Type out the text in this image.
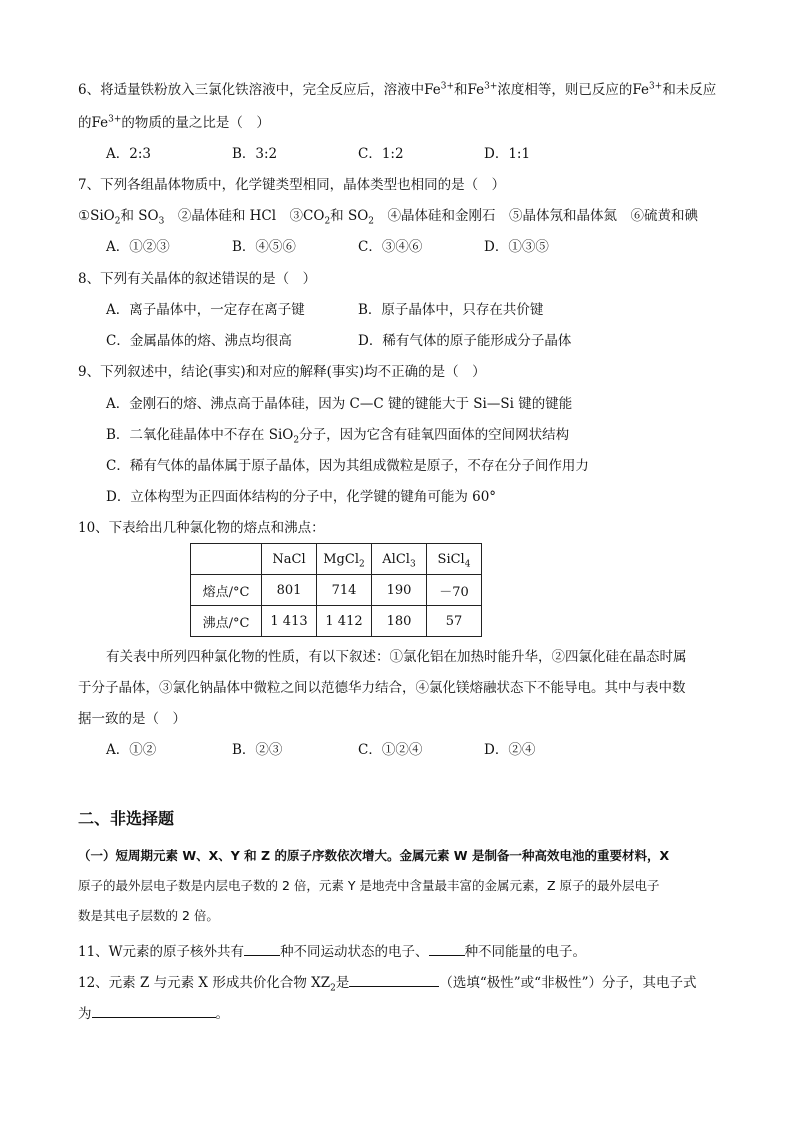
6、将适量铁粉放入三氯化铁溶液中，完全反应后，溶液中$Fe^{3+}$和$Fe^{3+}$浓度相等，则已反应的$Fe^{3+}$和未反应
的$Fe^{3+}$的物质的量之比是（　）
A．2:3	B．3:2	C．1:2	D．1:1
7、下列各组晶体物质中，化学键类型相同，晶体类型也相同的是（　）
①SiO$_2$和 $SO_3$　②晶体硅和 HCl　$③CO_2$和 $SO_2$　④晶体硅和金刚石　⑤晶体氖和晶体氮　⑥硫黄和碘
A．①②③	B．④⑤⑥	C．③④⑥	D．①③⑤
8、下列有关晶体的叙述错误的是（　）
A．离子晶体中，一定存在离子键	B．原子晶体中，只存在共价键
C．金属晶体的熔、沸点均很高	D．稀有气体的原子能形成分子晶体
9、下列叙述中，结论(事实)和对应的解释(事实)均不正确的是（　）
A．金刚石的熔、沸点高于晶体硅，因为 C—C 键的键能大于 Si—Si 键的键能
B．二氧化硅晶体中不存在 SiO$_2$分子，因为它含有硅氧四面体的空间网状结构
C．稀有气体的晶体属于原子晶体，因为其组成微粒是原子，不存在分子间作用力
D．立体构型为正四面体结构的分子中，化学键的键角可能为 60°
10、下表给出几种氯化物的熔点和沸点：
	NaCl	MgCl$_2$	AlCl$_3$	SiCl$_4$
熔点/°C	801	714	190	－70
沸点/°C	1 413	1 412	180	57
有关表中所列四种氯化物的性质，有以下叙述：①氯化铝在加热时能升华，②四氯化硅在晶态时属
于分子晶体，③氯化钠晶体中微粒之间以范德华力结合，④氯化镁熔融状态下不能导电。其中与表中数
据一致的是（　）
A．①②	B．②③	C．①②④	D．②④
二、非选择题
（一）短周期元素 W、X、Y 和 Z 的原子序数依次增大。金属元素 W 是制备一种高效电池的重要材料，X
原子的最外层电子数是内层电子数的 2 倍，元素 Y 是地壳中含量最丰富的金属元素，Z 原子的最外层电子
数是其电子层数的 2 倍。
11、W元素的原子核外共有	种不同运动状态的电子、	种不同能量的电子。
12、元素 Z 与元素 X 形成共价化合物 $XZ_2$是	（选填“极性”或“非极性”）分子，其电子式
为	。
